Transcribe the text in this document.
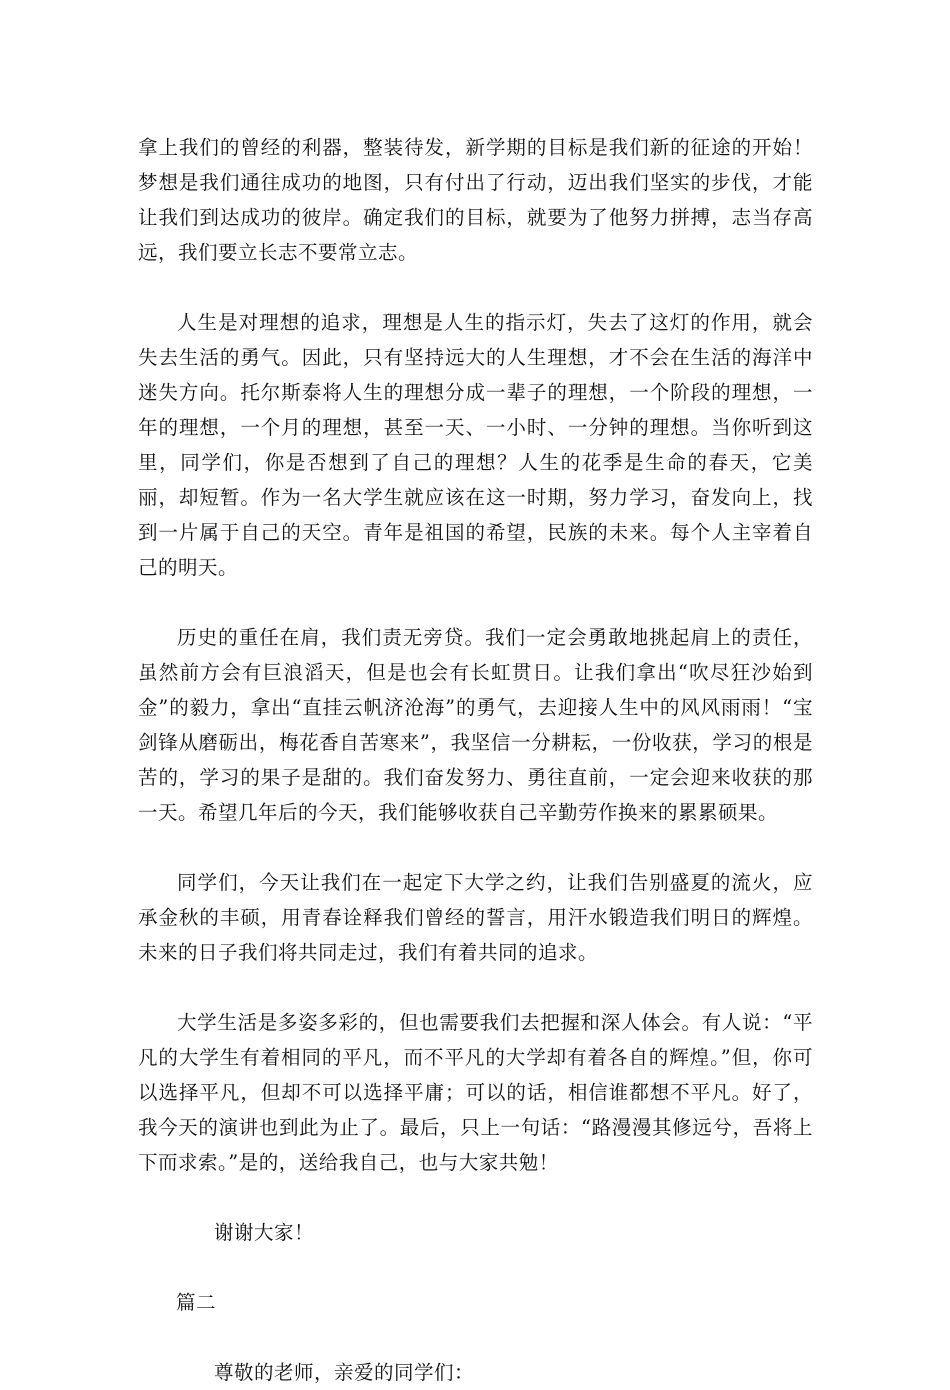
拿上我们的曾经的利器，整装待发，新学期的目标是我们新的征途的开始！梦想是我们通往成功的地图，只有付出了行动，迈出我们坚实的步伐，才能让我们到达成功的彼岸。确定我们的目标，就要为了他努力拼搏，志当存高远，我们要立长志不要常立志。

人生是对理想的追求，理想是人生的指示灯，失去了这灯的作用，就会失去生活的勇气。因此，只有坚持远大的人生理想，才不会在生活的海洋中迷失方向。托尔斯泰将人生的理想分成一辈子的理想，一个阶段的理想，一年的理想，一个月的理想，甚至一天、一小时、一分钟的理想。当你听到这里，同学们，你是否想到了自己的理想？人生的花季是生命的春天，它美丽，却短暂。作为一名大学生就应该在这一时期，努力学习，奋发向上，找到一片属于自己的天空。青年是祖国的希望，民族的未来。每个人主宰着自己的明天。

历史的重任在肩，我们责无旁贷。我们一定会勇敢地挑起肩上的责任，虽然前方会有巨浪滔天，但是也会有长虹贯日。让我们拿出“吹尽狂沙始到金”的毅力，拿出“直挂云帆济沧海”的勇气，去迎接人生中的风风雨雨！“宝剑锋从磨砺出，梅花香自苦寒来”，我坚信一分耕耘，一份收获，学习的根是苦的，学习的果子是甜的。我们奋发努力、勇往直前，一定会迎来收获的那一天。希望几年后的今天，我们能够收获自己辛勤劳作换来的累累硕果。

同学们，今天让我们在一起定下大学之约，让我们告别盛夏的流火，应承金秋的丰硕，用青春诠释我们曾经的誓言，用汗水锻造我们明日的辉煌。未来的日子我们将共同走过，我们有着共同的追求。

大学生活是多姿多彩的，但也需要我们去把握和深人体会。有人说：“平凡的大学生有着相同的平凡，而不平凡的大学却有着各自的辉煌。”但，你可以选择平凡，但却不可以选择平庸；可以的话，相信谁都想不平凡。好了，我今天的演讲也到此为止了。最后，只上一句话：“路漫漫其修远兮，吾将上下而求索。”是的，送给我自己，也与大家共勉！

谢谢大家！

篇二

尊敬的老师，亲爱的同学们：
